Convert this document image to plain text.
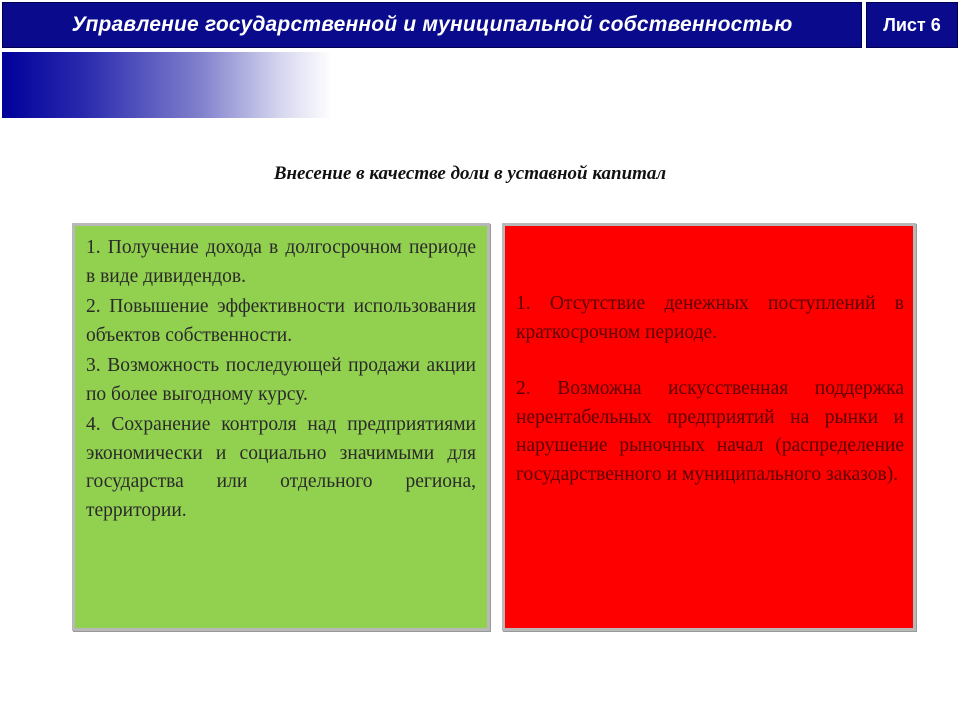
Управление государственной и муниципальной собственностью	Лист 6
Внесение в качестве доли в уставной капитал

1. Получение дохода в долгосрочном периоде в виде дивидендов.

2. Повышение эффективности использования объектов собственности.

3. Возможность последующей продажи акции по более выгодному курсу.

4. Сохранение контроля над предприятиями экономически и социально значимыми для государства или отдельного региона, территории.

1. Отсутствие денежных поступлений в краткосрочном периоде.

2. Возможна искусственная поддержка нерентабельных предприятий на рынки и нарушение рыночных начал (распределение государственного и муниципального заказов).
